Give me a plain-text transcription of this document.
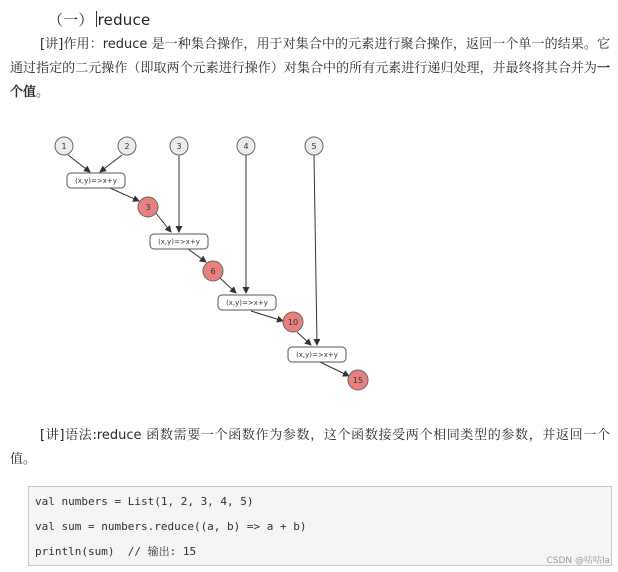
（一） reduce
[讲]作用：reduce 是一种集合操作，用于对集合中的元素进行聚合操作，返回一个单一的结果。它通过指定的二元操作（即取两个元素进行操作）对集合中的所有元素进行递归处理，并最终将其合并为一个值。
1	2	3	4	5
(x,y)=>x+y
(x,y)=>x+y
(x,y)=>x+y
(x,y)=>x+y
3
6
10
15
[讲]语法:reduce 函数需要一个函数作为参数，这个函数接受两个相同类型的参数，并返回一个值。
val numbers = List(1, 2, 3, 4, 5)
val sum = numbers.reduce((a, b) => a + b)
println(sum)  // 输出: 15
CSDN @咕咕la
